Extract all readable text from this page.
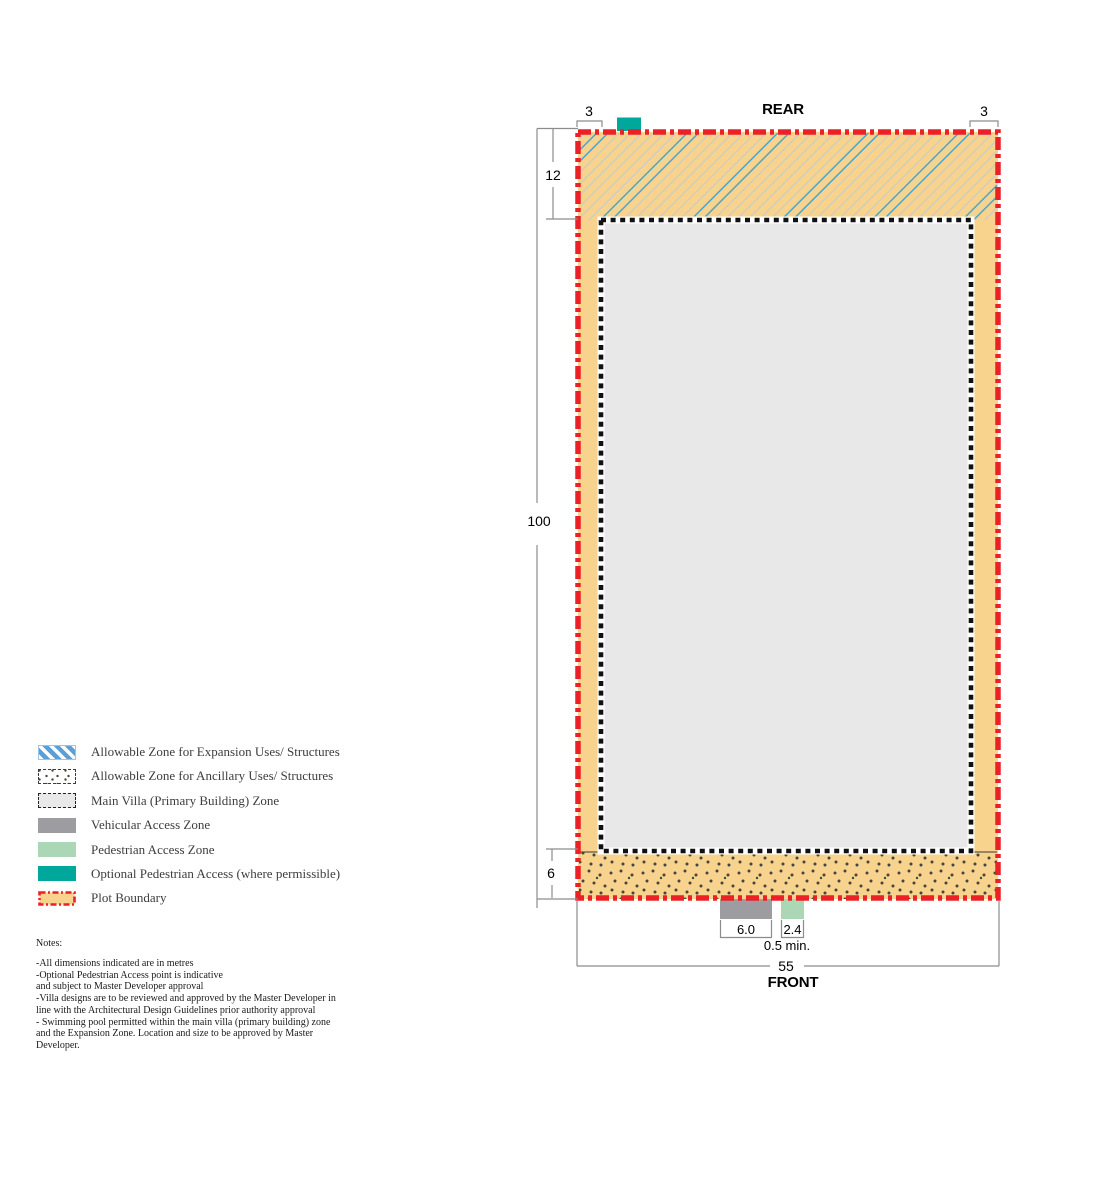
REAR
FRONT
3	3
12
100
6
6.0 2.4
0.5 min.
55
Allowable Zone for Expansion Uses/ Structures
Allowable Zone for Ancillary Uses/ Structures
Main Villa (Primary Building) Zone
Vehicular Access Zone
Pedestrian Access Zone
Optional Pedestrian Access (where permissible)
Plot Boundary
Notes:
-All dimensions indicated are in metres
-Optional Pedestrian Access point is indicative
and subject to Master Developer approval
-Villa designs are to be reviewed and approved by the Master Developer in
line with the Architectural Design Guidelines prior authority approval
- Swimming pool permitted within the main villa (primary building) zone
and the Expansion Zone. Location and size to be approved by Master
Developer.
